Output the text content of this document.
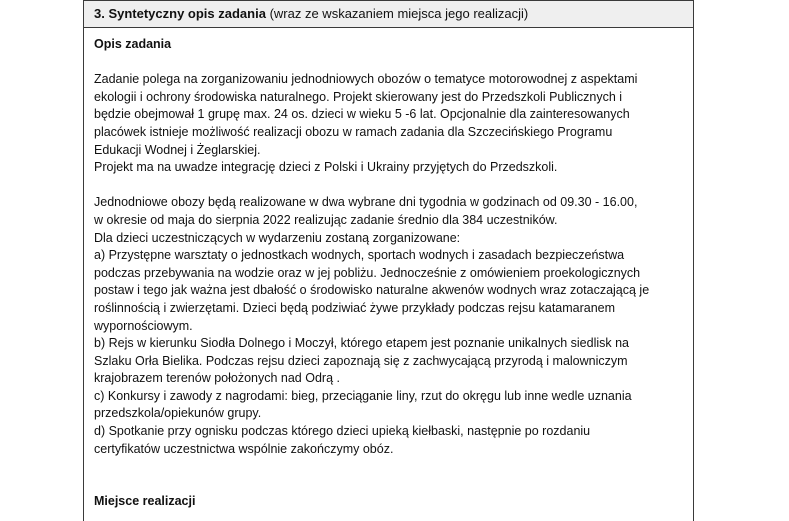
3. Syntetyczny opis zadania (wraz ze wskazaniem miejsca jego realizacji)

Opis zadania

Zadanie polega na zorganizowaniu jednodniowych obozów o tematyce motorowodnej z aspektami

ekologii i ochrony środowiska naturalnego. Projekt skierowany jest do Przedszkoli Publicznych i

będzie obejmował 1 grupę max. 24 os. dzieci w wieku 5 -6 lat. Opcjonalnie dla zainteresowanych

placówek istnieje możliwość realizacji obozu w ramach zadania dla Szczecińskiego Programu

Edukacji Wodnej i Żeglarskiej.

Projekt ma na uwadze integrację dzieci z Polski i Ukrainy przyjętych do Przedszkoli.

Jednodniowe obozy będą realizowane w dwa wybrane dni tygodnia w godzinach od 09.30 - 16.00,

w okresie od maja do sierpnia 2022 realizując zadanie średnio dla 384 uczestników.

Dla dzieci uczestniczących w wydarzeniu zostaną zorganizowane:

a) Przystępne warsztaty o jednostkach wodnych, sportach wodnych i zasadach bezpieczeństwa

podczas przebywania na wodzie oraz w jej pobliżu. Jednocześnie z omówieniem proekologicznych

postaw i tego jak ważna jest dbałość o środowisko naturalne akwenów wodnych wraz zotaczającą je

roślinnością i zwierzętami. Dzieci będą podziwiać żywe przykłady podczas rejsu katamaranem

wypornościowym.

b) Rejs w kierunku Siodła Dolnego i Moczył, którego etapem jest poznanie unikalnych siedlisk na

Szlaku Orła Bielika. Podczas rejsu dzieci zapoznają się z zachwycającą przyrodą i malowniczym

krajobrazem terenów położonych nad Odrą .

c) Konkursy i zawody z nagrodami: bieg, przeciąganie liny, rzut do okręgu lub inne wedle uznania

przedszkola/opiekunów grupy.

d) Spotkanie przy ognisku podczas którego dzieci upieką kiełbaski, następnie po rozdaniu

certyfikatów uczestnictwa wspólnie zakończymy obóz.

Miejsce realizacji
